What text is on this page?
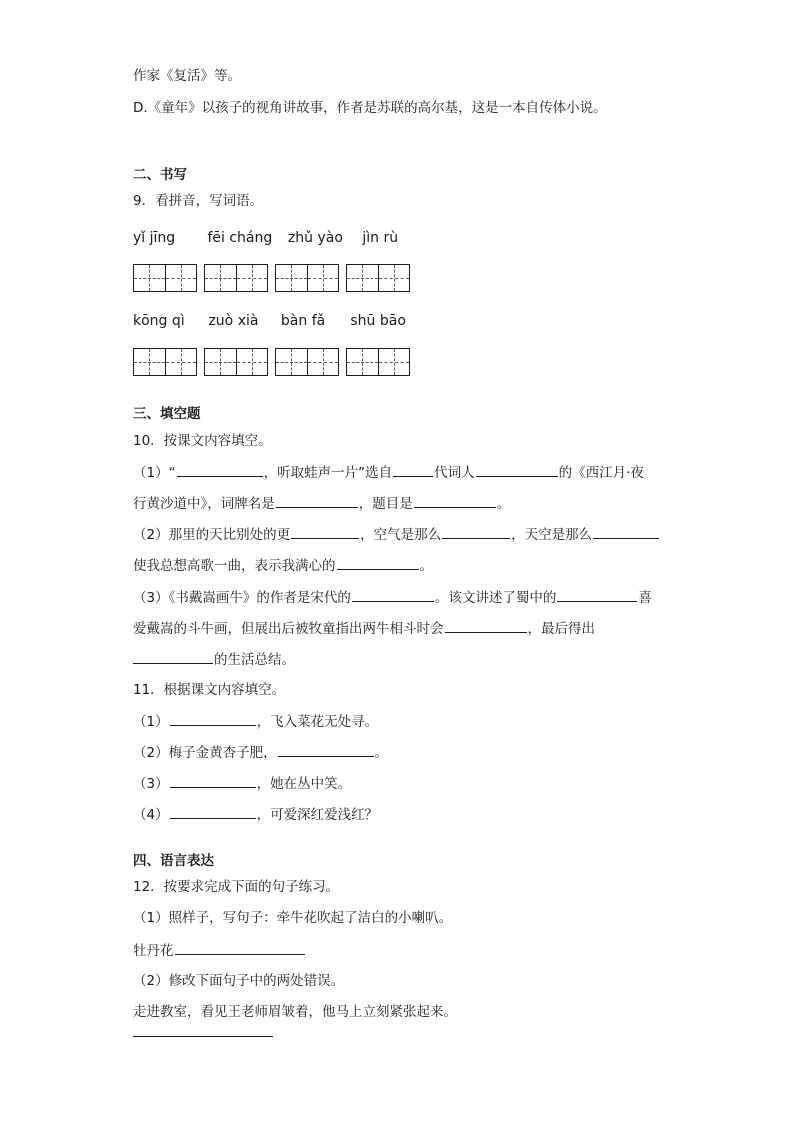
作家《复活》等。
D.《童年》以孩子的视角讲故事，作者是苏联的高尔基，这是一本自传体小说。
二、书写
9．看拼音，写词语。
yǐ jīng fēi cháng zhǔ yào jìn rù
kōng qì zuò xià bàn fǎ shū bāo
三、填空题
10．按课文内容填空。
（1）“	，听取蛙声一片”选自	代词人	的《西江月·夜
行黄沙道中》，词牌名是	，题目是	。
（2）那里的天比别处的更	，空气是那么	，天空是那么
使我总想高歌一曲，表示我满心的	。
（3）《书戴嵩画牛》的作者是宋代的	。该文讲述了蜀中的	喜
爱戴嵩的斗牛画，但展出后被牧童指出两牛相斗时会	，最后得出
的生活总结。
11．根据课文内容填空。
（1）	，飞入菜花无处寻。
（2）梅子金黄杏子肥，	。
（3）	，她在丛中笑。
（4）	，可爱深红爱浅红？
四、语言表达
12．按要求完成下面的句子练习。
（1）照样子，写句子：牵牛花吹起了洁白的小喇叭。
牡丹花
（2）修改下面句子中的两处错误。
走进教室，看见王老师眉皱着，他马上立刻紧张起来。
